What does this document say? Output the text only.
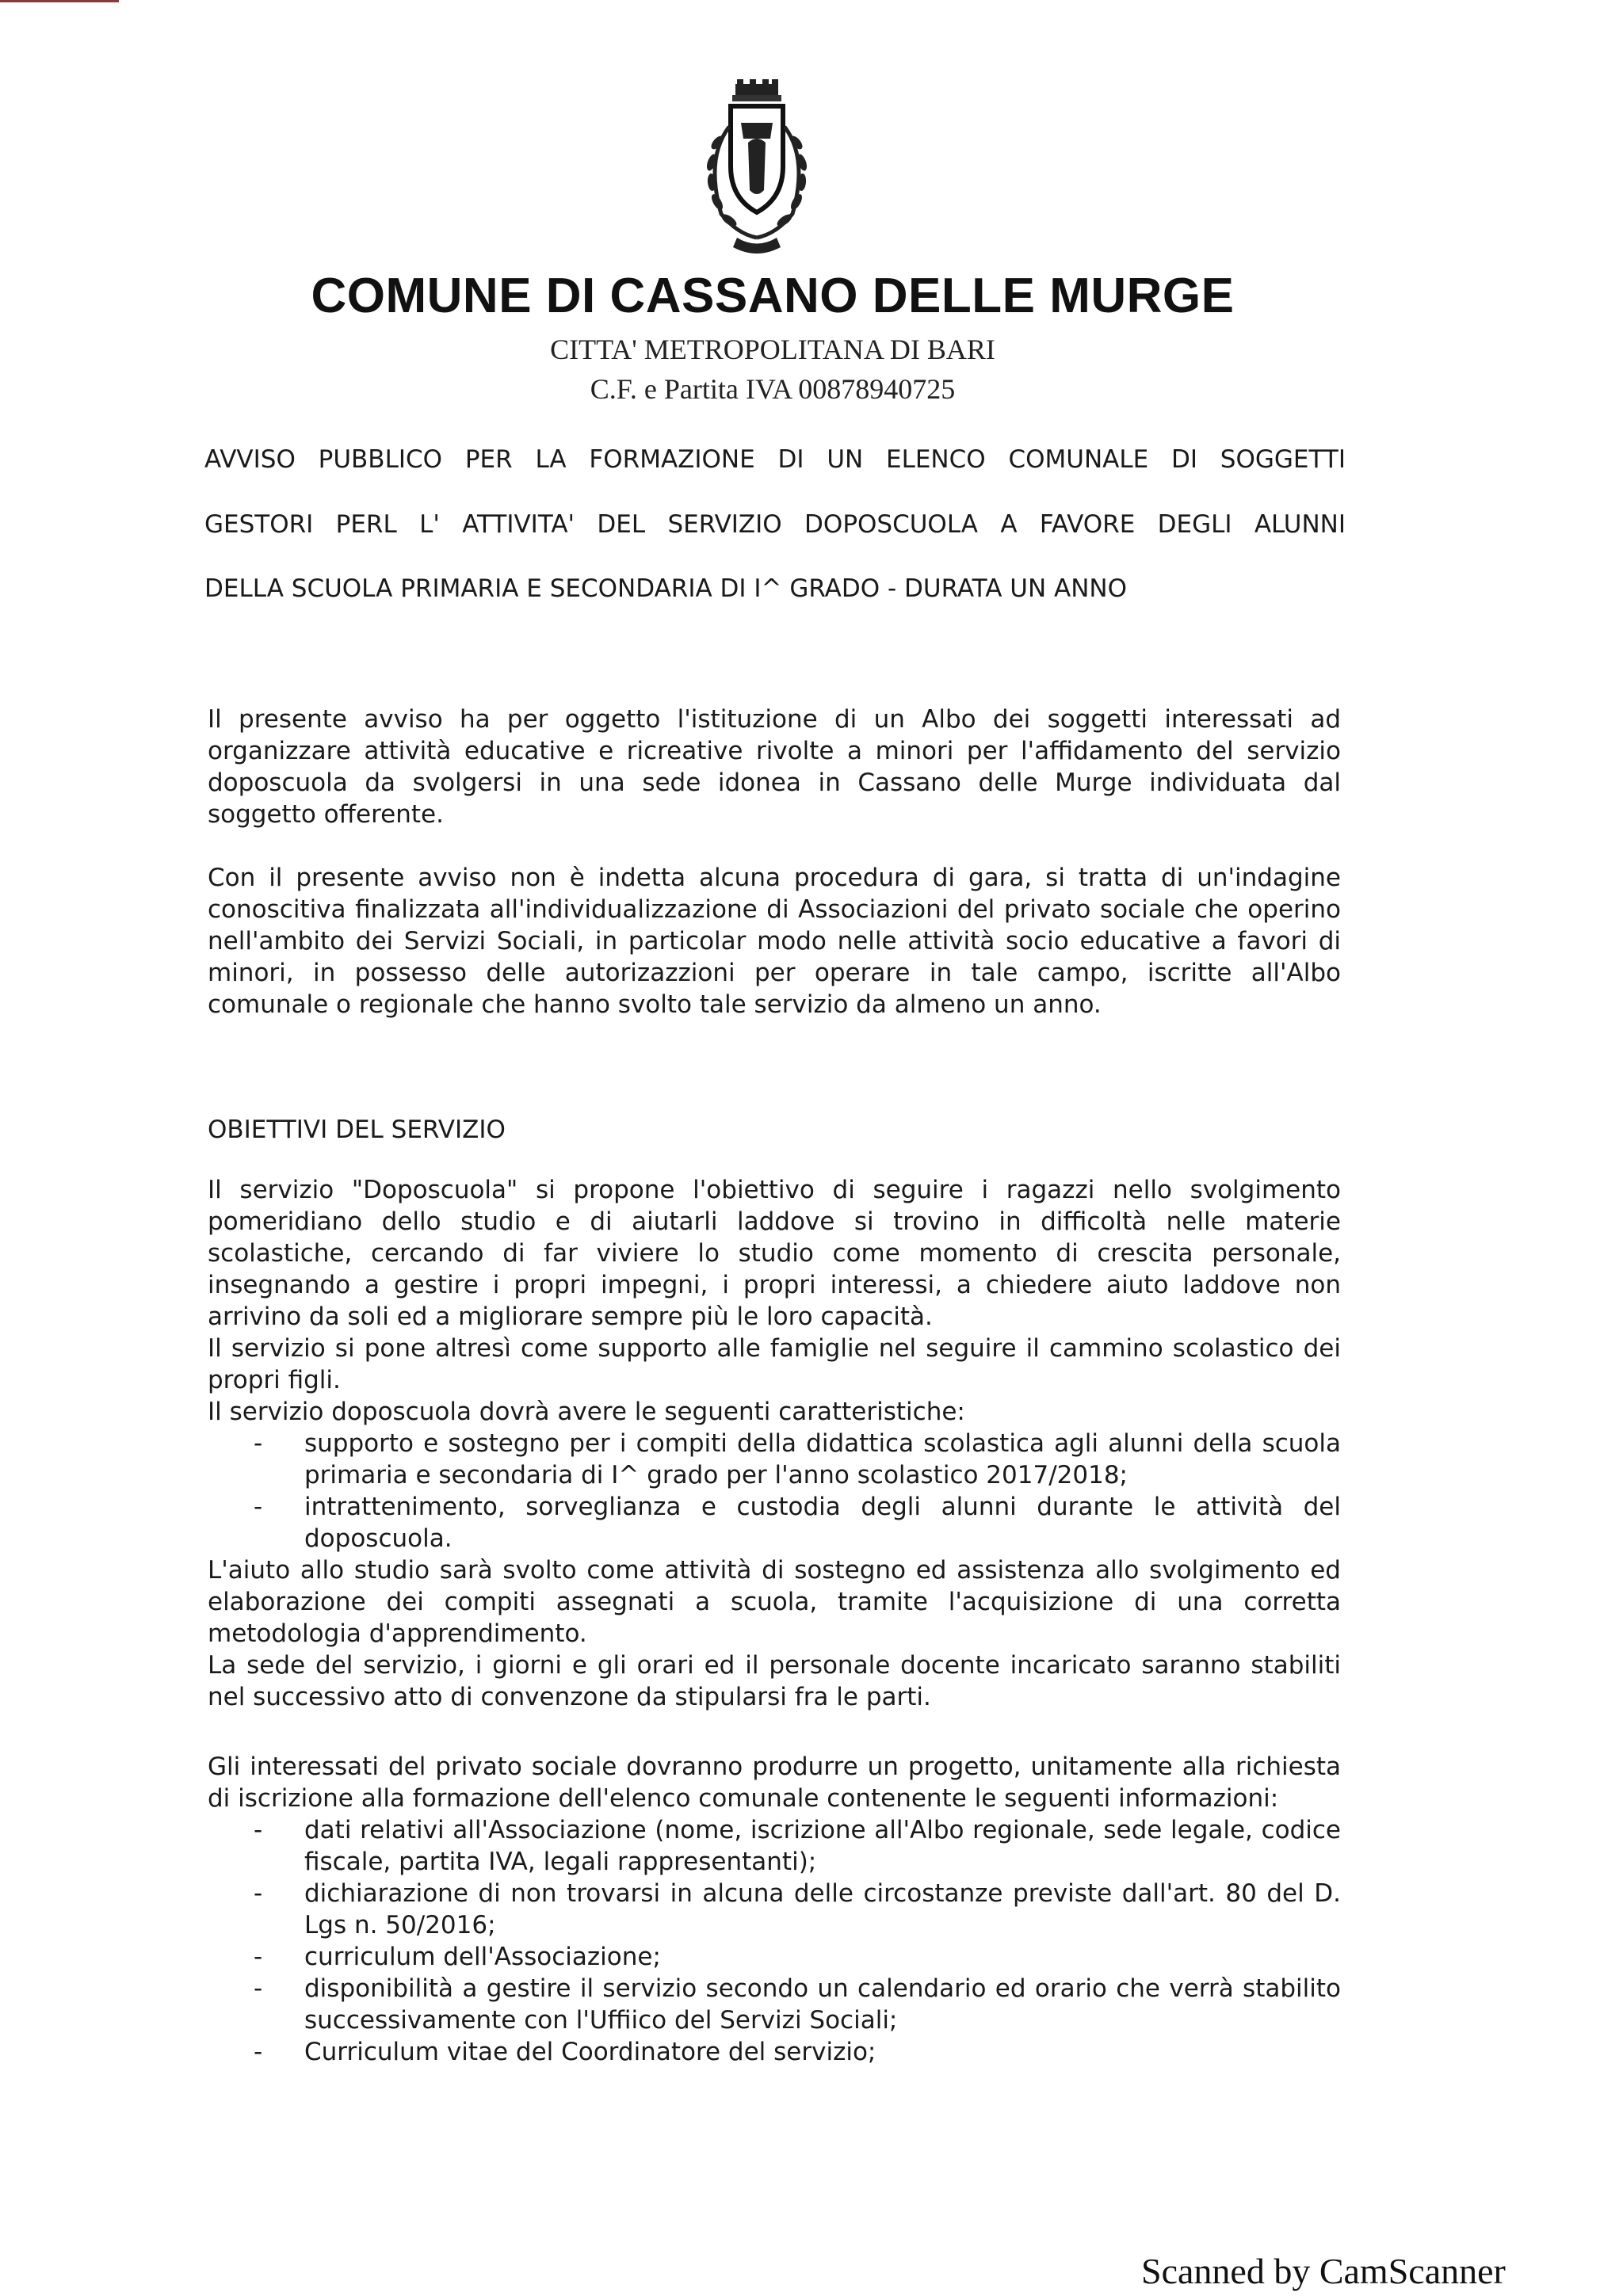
COMUNE DI CASSANO DELLE MURGE
CITTA' METROPOLITANA DI BARI
C.F. e Partita IVA 00878940725
AVVISO PUBBLICO PER LA FORMAZIONE DI UN ELENCO COMUNALE DI SOGGETTI
GESTORI PERL L' ATTIVITA' DEL SERVIZIO DOPOSCUOLA A FAVORE DEGLI ALUNNI
DELLA SCUOLA PRIMARIA E SECONDARIA DI I^ GRADO - DURATA UN ANNO
Il presente avviso ha per oggetto l'istituzione di un Albo dei soggetti interessati ad organizzare attività educative e ricreative rivolte a minori per l'affidamento del servizio doposcuola da svolgersi in una sede idonea in Cassano delle Murge individuata dal soggetto offerente.
Con il presente avviso non è indetta alcuna procedura di gara, si tratta di un'indagine conoscitiva finalizzata all'individualizzazione di Associazioni del privato sociale che operino nell'ambito dei Servizi Sociali, in particolar modo nelle attività socio educative a favori di minori, in possesso delle autorizazzioni per operare in tale campo, iscritte all'Albo comunale o regionale che hanno svolto tale servizio da almeno un anno.
OBIETTIVI DEL SERVIZIO

Il servizio "Doposcuola" si propone l'obiettivo di seguire i ragazzi nello svolgimento pomeridiano dello studio e di aiutarli laddove si trovino in difficoltà nelle materie scolastiche, cercando di far viviere lo studio come momento di crescita personale, insegnando a gestire i propri impegni, i propri interessi, a chiedere aiuto laddove non arrivino da soli ed a migliorare sempre più le loro capacità.

Il servizio si pone altresì come supporto alle famiglie nel seguire il cammino scolastico dei propri figli.

Il servizio doposcuola dovrà avere le seguenti caratteristiche:

- supporto e sostegno per i compiti della didattica scolastica agli alunni della scuola primaria e secondaria di I^ grado per l'anno scolastico 2017/2018;
- intrattenimento, sorveglianza e custodia degli alunni durante le attività del doposcuola.

L'aiuto allo studio sarà svolto come attività di sostegno ed assistenza allo svolgimento ed elaborazione dei compiti assegnati a scuola, tramite l'acquisizione di una corretta metodologia d'apprendimento.

La sede del servizio, i giorni e gli orari ed il personale docente incaricato saranno stabiliti nel successivo atto di convenzone da stipularsi fra le parti.

Gli interessati del privato sociale dovranno produrre un progetto, unitamente alla richiesta di iscrizione alla formazione dell'elenco comunale contenente le seguenti informazioni:

- dati relativi all'Associazione (nome, iscrizione all'Albo regionale, sede legale, codice fiscale, partita IVA, legali rappresentanti);
- dichiarazione di non trovarsi in alcuna delle circostanze previste dall'art. 80 del D. Lgs n. 50/2016;
- curriculum dell'Associazione;
- disponibilità a gestire il servizio secondo un calendario ed orario che verrà stabilito successivamente con l'Uffiico del Servizi Sociali;
- Curriculum vitae del Coordinatore del servizio;
Scanned by CamScanner
